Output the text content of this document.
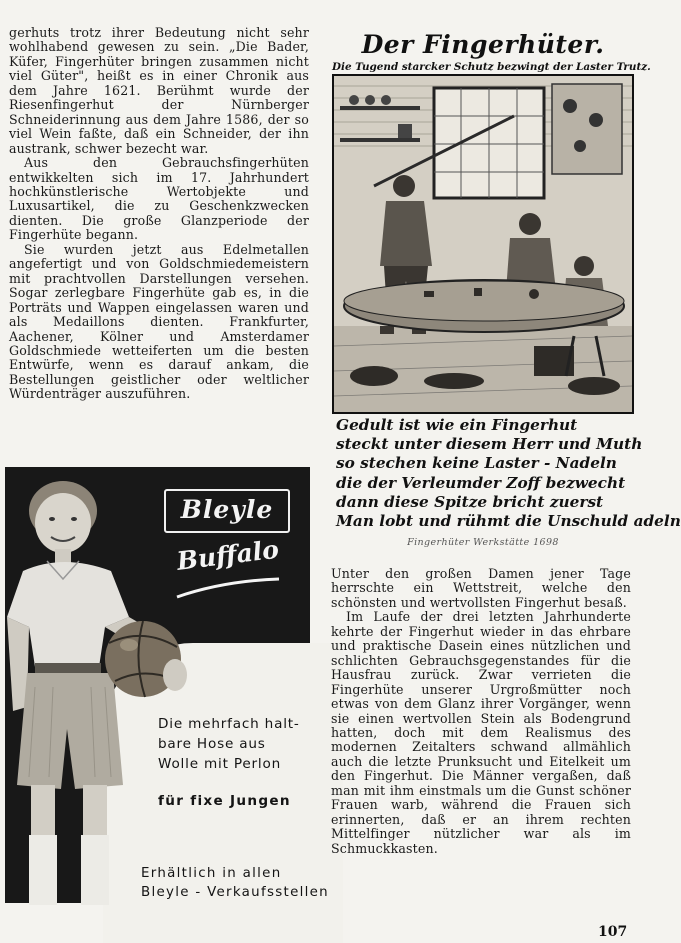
gerhuts trotz ihrer Bedeutung nicht sehr wohlhabend gewesen zu sein. „Die Bader, Küfer, Fingerhüter bringen zusammen nicht viel Güter", heißt es in einer Chronik aus dem Jahre 1621. Berühmt wurde der Riesenfingerhut der Nürnberger Schneiderinnung aus dem Jahre 1586, der so viel Wein faßte, daß ein Schneider, der ihn austrank, schwer bezecht war.

Aus den Gebrauchsfingerhüten entwikkelten sich im 17. Jahrhundert hochkünstlerische Wertobjekte und Luxusartikel, die zu Geschenkzwecken dienten. Die große Glanzperiode der Fingerhüte begann.

Sie wurden jetzt aus Edelmetallen angefertigt und von Goldschmiedemeistern mit prachtvollen Darstellungen versehen. Sogar zerlegbare Fingerhüte gab es, in die Porträts und Wappen eingelassen waren und als Medaillons dienten. Frankfurter, Aachener, Kölner und Amsterdamer Goldschmiede wetteiferten um die besten Entwürfe, wenn es darauf ankam, die Bestellungen geistlicher oder weltlicher Würdenträger auszuführen.

Der Fingerhüter.
Die Tugend starcker Schutz bezwingt der Laster Trutz.
Gedult ist wie ein Fingerhut
steckt unter diesem Herr und Muth
so stechen keine Laster - Nadeln
die der Verleumder Zoff bezwecht
dann diese Spitze bricht zuerst
Man lobt und rühmt die Unschuld adeln
Fingerhüter Werkstätte 1698
Bleyle
Buffalo
Die mehrfach halt-
bare Hose aus
Wolle mit Perlon
für fixe Jungen
Erhältlich in allen
Bleyle - Verkaufsstellen

Unter den großen Damen jener Tage herrschte ein Wettstreit, welche den schönsten und wertvollsten Fingerhut besaß.

Im Laufe der drei letzten Jahrhunderte kehrte der Fingerhut wieder in das ehrbare und praktische Dasein eines nützlichen und schlichten Gebrauchsgegenstandes für die Hausfrau zurück. Zwar verrieten die Fingerhüte unserer Urgroßmütter noch etwas von dem Glanz ihrer Vorgänger, wenn sie einen wertvollen Stein als Bodengrund hatten, doch mit dem Realismus des modernen Zeitalters schwand allmählich auch die letzte Prunksucht und Eitelkeit um den Fingerhut. Die Männer vergaßen, daß man mit ihm einstmals um die Gunst schöner Frauen warb, während die Frauen sich erinnerten, daß er an ihrem rechten Mittelfinger nützlicher war als im Schmuckkasten.

107
